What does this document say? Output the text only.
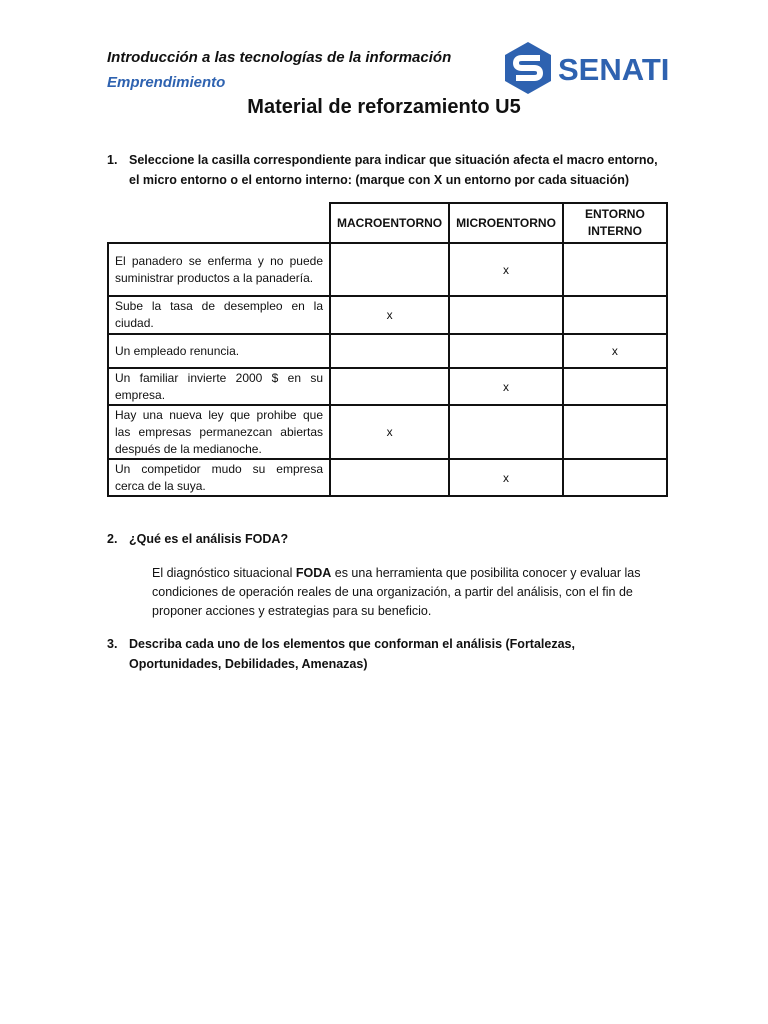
Introducción a las tecnologías de la información
Emprendimiento	SENATI
Material de reforzamiento U5
1. Seleccione la casilla correspondiente para indicar que situación afecta el macro entorno, el micro entorno o el entorno interno: (marque con X un entorno por cada situación)
	MACROENTORNO	MICROENTORNO	ENTORNO INTERNO
El panadero se enferma y no puede suministrar productos a la panadería.		x	
Sube la tasa de desempleo en la ciudad.	x		
Un empleado renuncia.			x
Un familiar invierte 2000 $ en su empresa.		x	
Hay una nueva ley que prohibe que las empresas permanezcan abiertas después de la medianoche.	x		
Un competidor mudo su empresa cerca de la suya.		x	
2. ¿Qué es el análisis FODA?
El diagnóstico situacional FODA es una herramienta que posibilita conocer y evaluar las condiciones de operación reales de una organización, a partir del análisis, con el fin de proponer acciones y estrategias para su beneficio.
3. Describa cada uno de los elementos que conforman el análisis (Fortalezas, Oportunidades, Debilidades, Amenazas)
